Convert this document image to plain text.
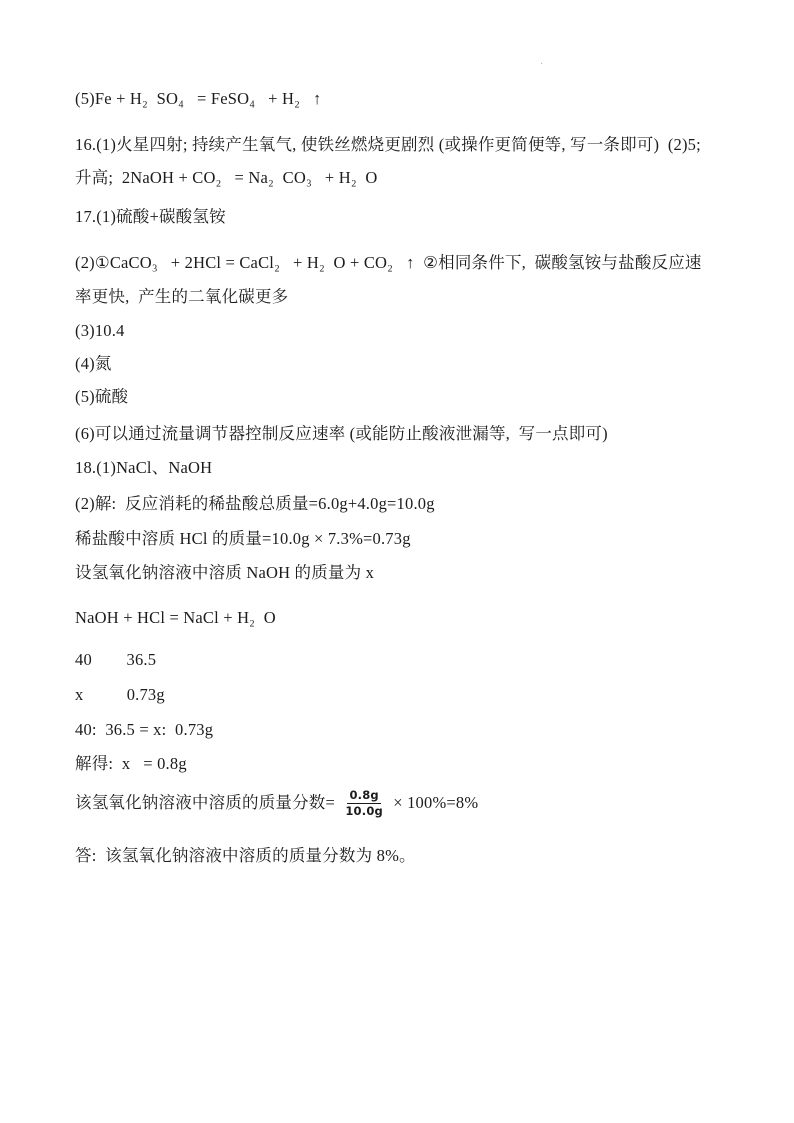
·
(5)Fe + H₂  SO₄   = FeSO₄   + H₂   ↑
16.(1)火星四射; 持续产生氧气, 使铁丝燃烧更剧烈 (或操作更简便等, 写一条即可)  (2)5;
升高;  2NaOH + CO₂   = Na₂  CO₃   + H₂  O
17.(1)硫酸+碳酸氢铵
(2)①CaCO₃   + 2HCl = CaCl₂   + H₂  O + CO₂   ↑  ②相同条件下,  碳酸氢铵与盐酸反应速
率更快,  产生的二氧化碳更多
(3)10.4
(4)氮
(5)硫酸
(6)可以通过流量调节器控制反应速率 (或能防止酸液泄漏等,  写一点即可)
18.(1)NaCl、NaOH
(2)解:  反应消耗的稀盐酸总质量=6.0g+4.0g=10.0g
稀盐酸中溶质 HCl 的质量=10.0g × 7.3%=0.73g
设氢氧化钠溶液中溶质 NaOH 的质量为 x
NaOH + HCl = NaCl + H₂  O
40        36.5
x          0.73g
40:  36.5 = x:  0.73g
解得:  x   = 0.8g
该氢氧化钠溶液中溶质的质量分数= $\frac{0.8g}{10.0g} \times 100\%=8\%$
答:  该氢氧化钠溶液中溶质的质量分数为 8%。
